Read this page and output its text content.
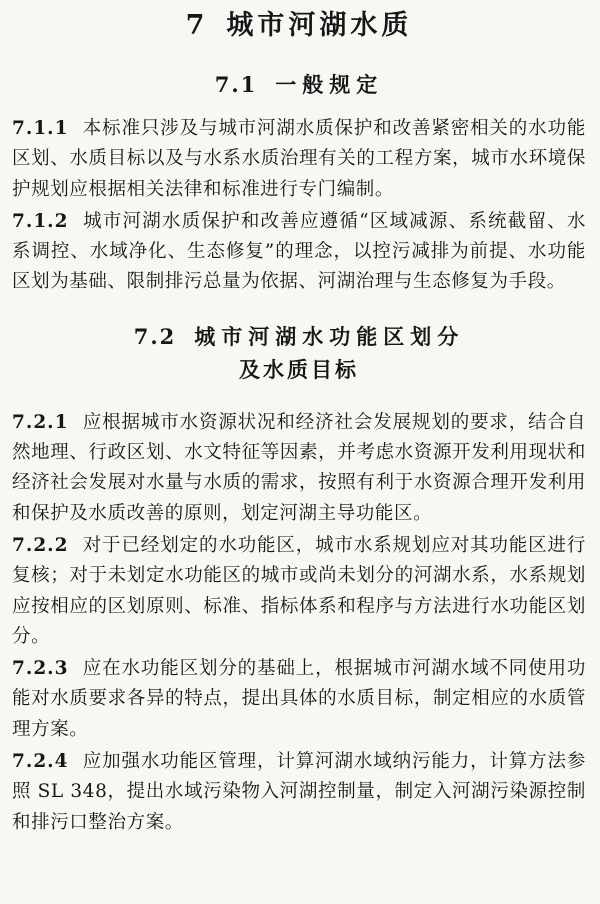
7 城市河湖水质
7.1 一般规定

7.1.1 本标准只涉及与城市河湖水质保护和改善紧密相关的水功能区划、水质目标以及与水系水质治理有关的工程方案，城市水环境保护规划应根据相关法律和标准进行专门编制。

7.1.2 城市河湖水质保护和改善应遵循“区域减源、系统截留、水系调控、水域净化、生态修复”的理念，以控污减排为前提、水功能区划为基础、限制排污总量为依据、河湖治理与生态修复为手段。

7.2 城市河湖水功能区划分
及水质目标

7.2.1 应根据城市水资源状况和经济社会发展规划的要求，结合自然地理、行政区划、水文特征等因素，并考虑水资源开发利用现状和经济社会发展对水量与水质的需求，按照有利于水资源合理开发利用和保护及水质改善的原则，划定河湖主导功能区。

7.2.2 对于已经划定的水功能区，城市水系规划应对其功能区进行复核；对于未划定水功能区的城市或尚未划分的河湖水系，水系规划应按相应的区划原则、标准、指标体系和程序与方法进行水功能区划分。

7.2.3 应在水功能区划分的基础上，根据城市河湖水域不同使用功能对水质要求各异的特点，提出具体的水质目标，制定相应的水质管理方案。

7.2.4 应加强水功能区管理，计算河湖水域纳污能力，计算方法参照 SL 348，提出水域污染物入河湖控制量，制定入河湖污染源控制和排污口整治方案。
